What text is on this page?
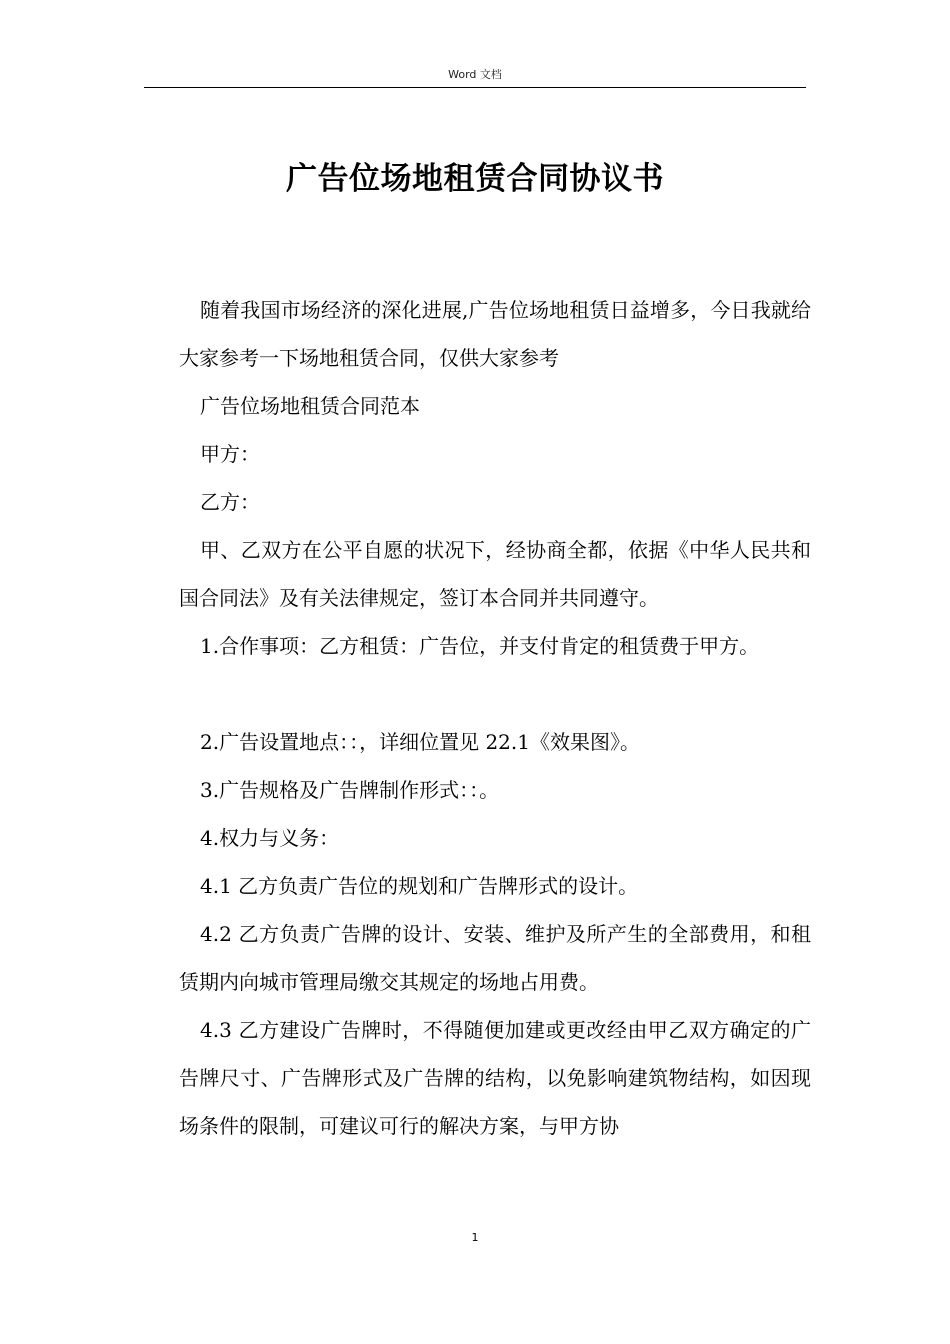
Word 文档
广告位场地租赁合同协议书

随着我国市场经济的深化进展,广告位场地租赁日益增多，今日我就给大家参考一下场地租赁合同，仅供大家参考

广告位场地租赁合同范本

甲方：

乙方：

甲、乙双方在公平自愿的状况下，经协商全都，依据《中华人民共和国合同法》及有关法律规定，签订本合同并共同遵守。

1.合作事项：乙方租赁：广告位，并支付肯定的租赁费于甲方。

2.广告设置地点：：，详细位置见 22.1《效果图》。

3.广告规格及广告牌制作形式：：。

4.权力与义务：

4.1 乙方负责广告位的规划和广告牌形式的设计。

4.2 乙方负责广告牌的设计、安装、维护及所产生的全部费用，和租赁期内向城市管理局缴交其规定的场地占用费。

4.3 乙方建设广告牌时，不得随便加建或更改经由甲乙双方确定的广告牌尺寸、广告牌形式及广告牌的结构，以免影响建筑物结构，如因现场条件的限制，可建议可行的解决方案，与甲方协

1
